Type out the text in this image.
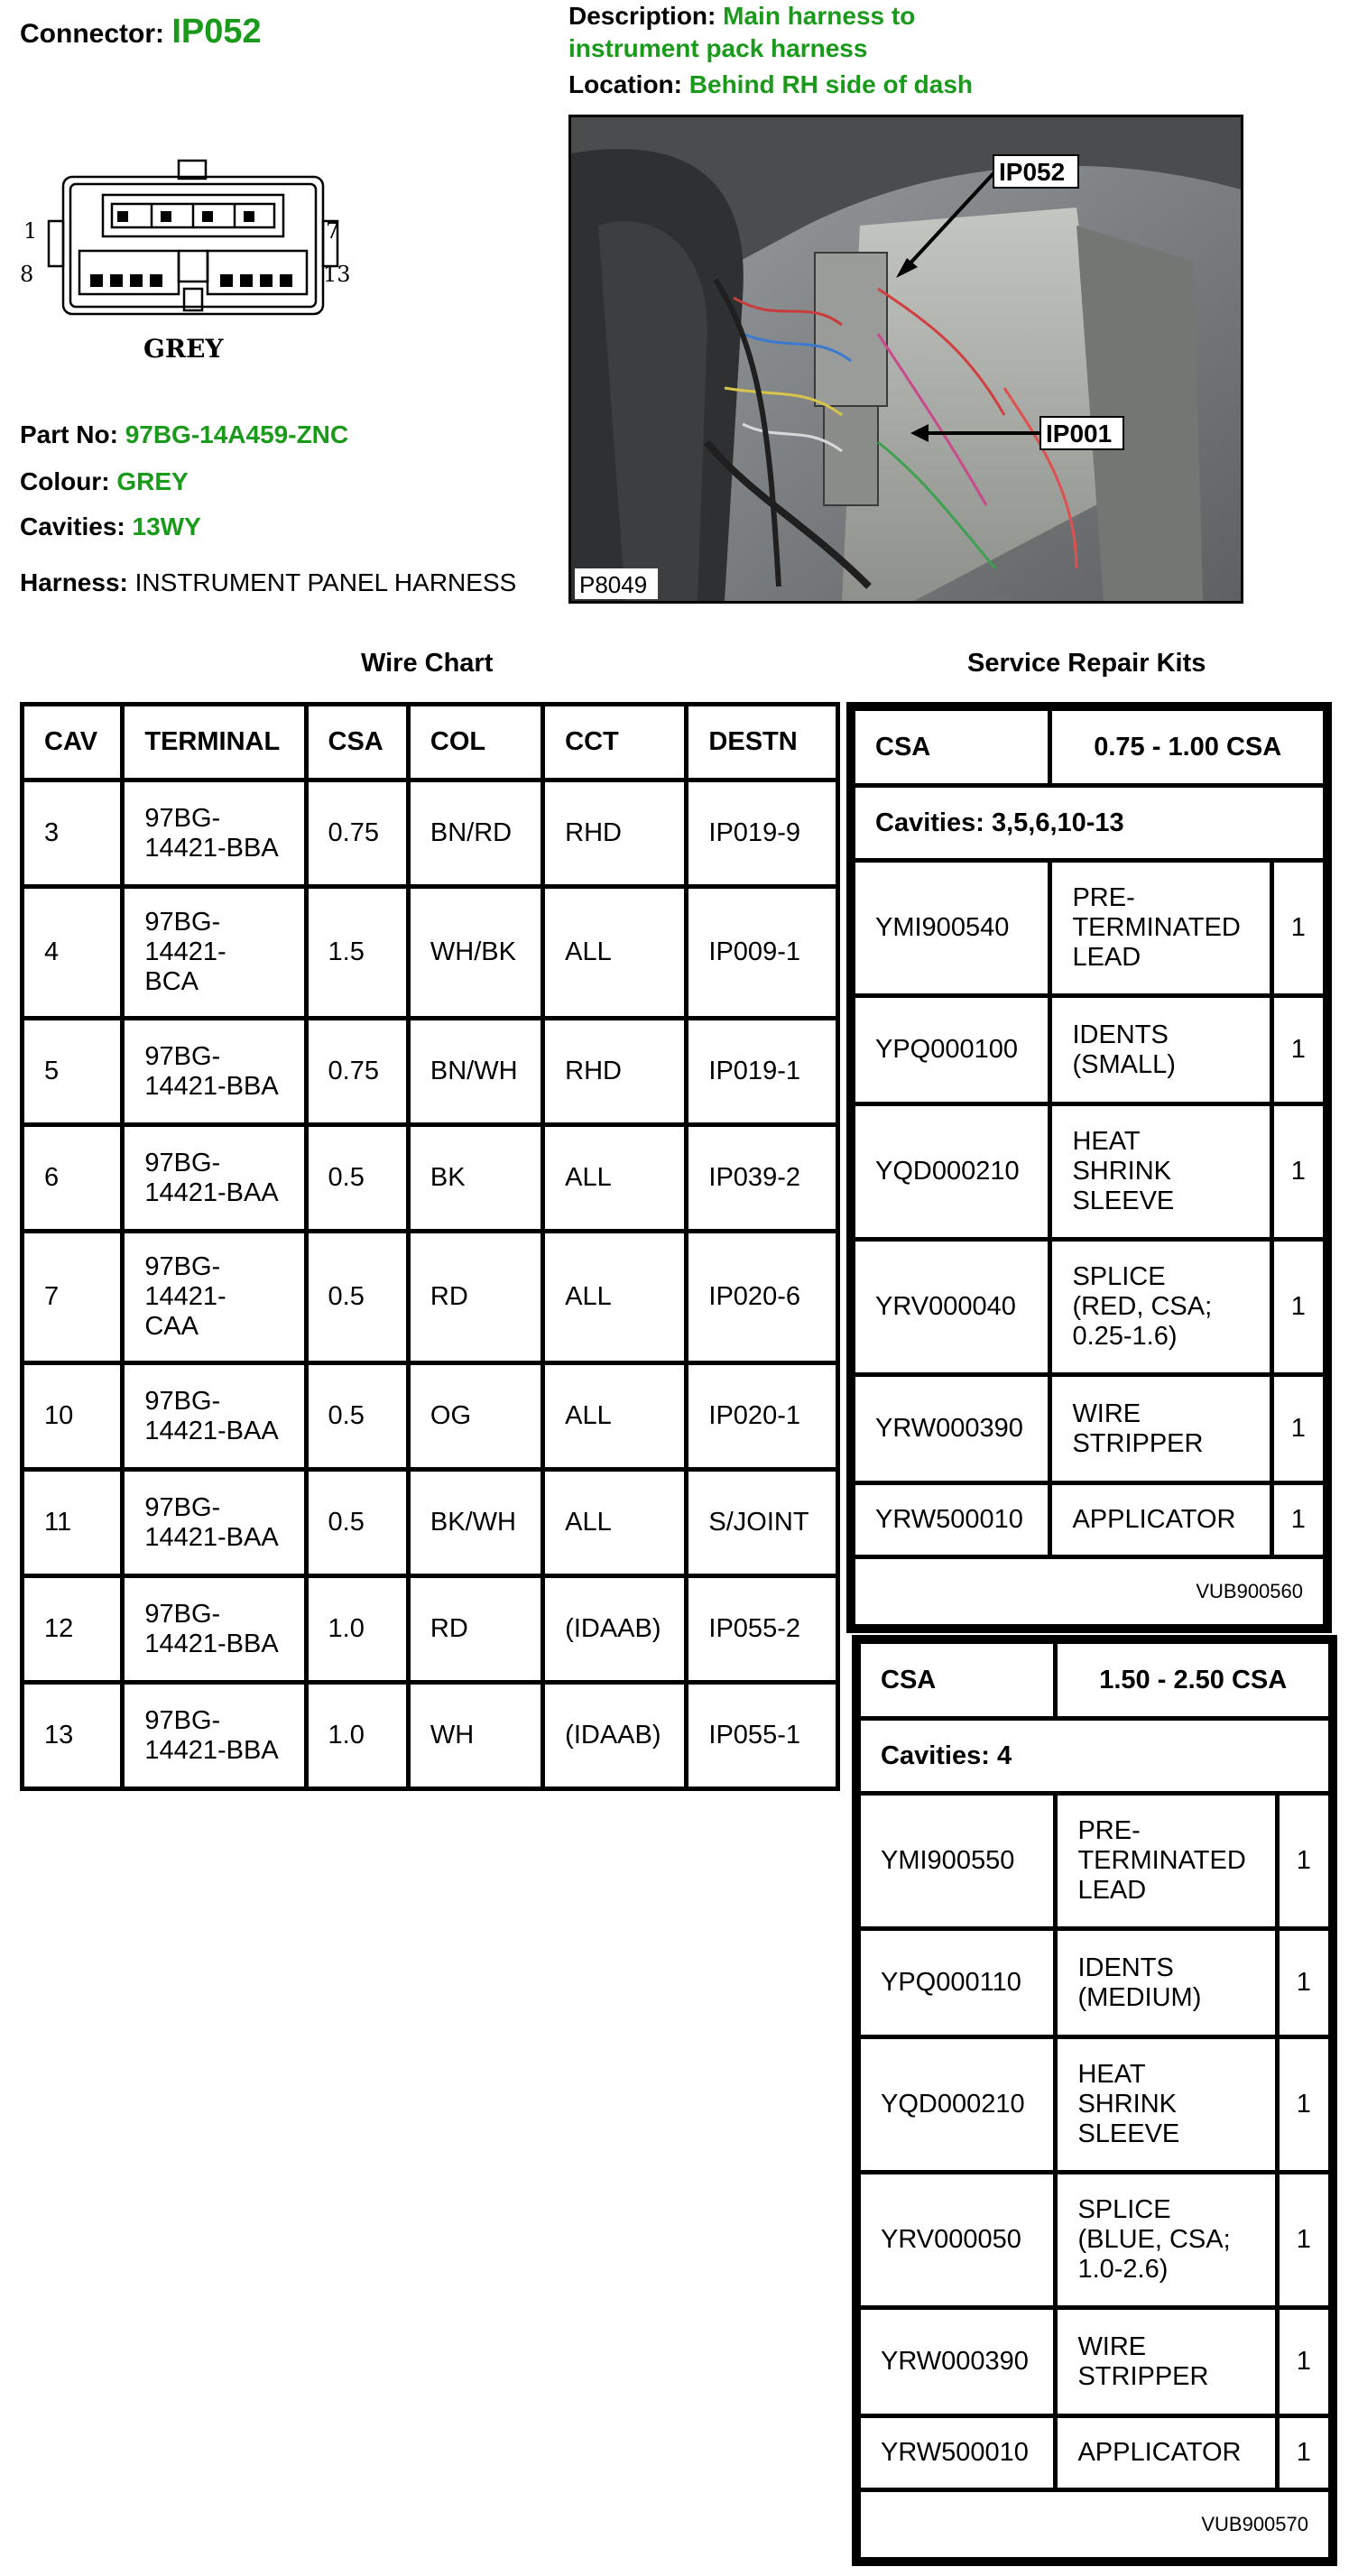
Connector: IP052
1	7
8	13
GREY
Part No: 97BG-14A459-ZNC
Colour: GREY
Cavities: 13WY
Harness: INSTRUMENT PANEL HARNESS
Description: Main harness to
instrument pack harness
Location: Behind RH side of dash
IP052
IP001
P8049
Wire Chart	Service Repair Kits
CAV	TERMINAL	CSA	COL	CCT	DESTN
3	97BG-
14421-BBA	0.75	BN/RD	RHD	IP019-9
4	97BG-
14421-
BCA	1.5	WH/BK	ALL	IP009-1
5	97BG-
14421-BBA	0.75	BN/WH	RHD	IP019-1
6	97BG-
14421-BAA	0.5	BK	ALL	IP039-2
7	97BG-
14421-
CAA	0.5	RD	ALL	IP020-6
10	97BG-
14421-BAA	0.5	OG	ALL	IP020-1
11	97BG-
14421-BAA	0.5	BK/WH	ALL	S/JOINT
12	97BG-
14421-BBA	1.0	RD	(IDAAB)	IP055-2
13	97BG-
14421-BBA	1.0	WH	(IDAAB)	IP055-1
CSA	0.75 - 1.00 CSA	
Cavities: 3,5,6,10-13		
YMI900540	PRE-
TERMINATED
LEAD	1
YPQ000100	IDENTS
(SMALL)	1
YQD000210	HEAT
SHRINK
SLEEVE	1
YRV000040	SPLICE
(RED, CSA;
0.25-1.6)	1
YRW000390	WIRE
STRIPPER	1
YRW500010	APPLICATOR	1
VUB900560		
CSA	1.50 - 2.50 CSA	
Cavities: 4		
YMI900550	PRE-
TERMINATED
LEAD	1
YPQ000110	IDENTS
(MEDIUM)	1
YQD000210	HEAT
SHRINK
SLEEVE	1
YRV000050	SPLICE
(BLUE, CSA;
1.0-2.6)	1
YRW000390	WIRE
STRIPPER	1
YRW500010	APPLICATOR	1
VUB900570		
